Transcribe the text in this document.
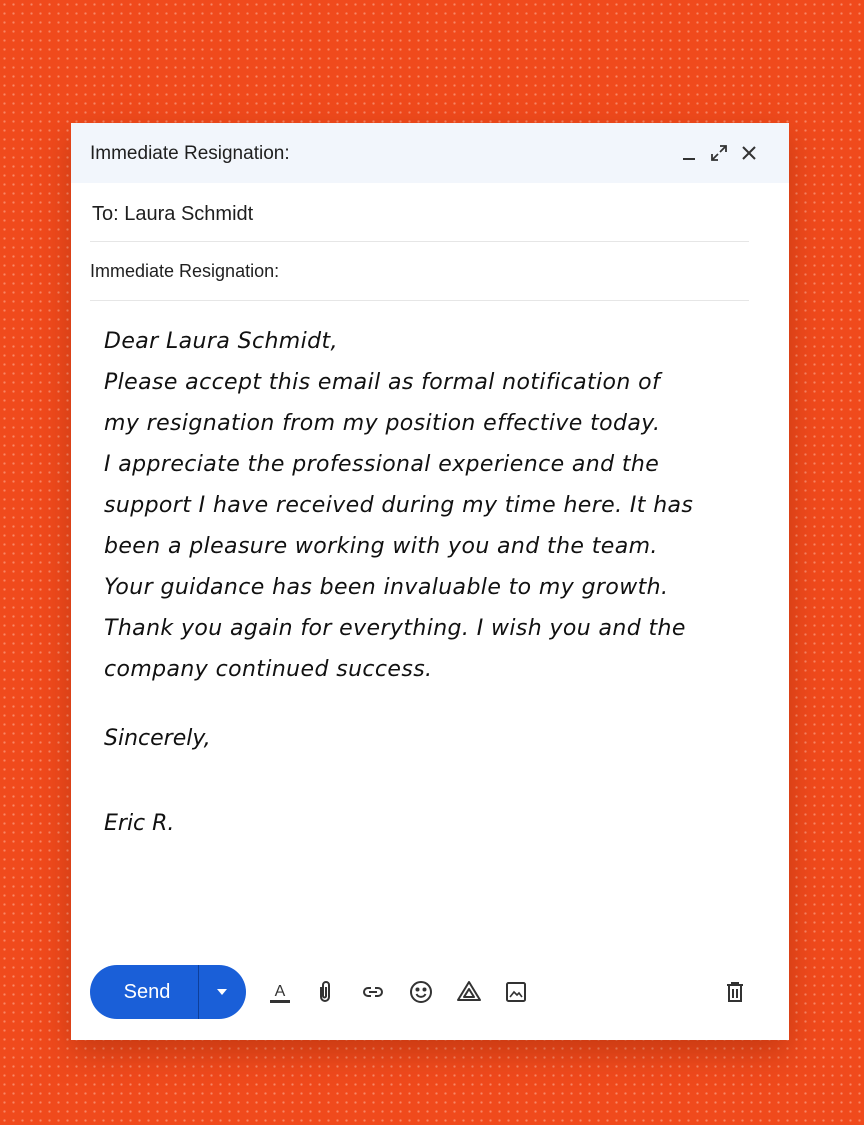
Immediate Resignation:
To: Laura Schmidt
Immediate Resignation:
Dear Laura Schmidt,
Please accept this email as formal notification of
my resignation from my position effective today.
I appreciate the professional experience and the
support I have received during my time here. It has
been a pleasure working with you and the team.
Your guidance has been invaluable to my growth.
Thank you again for everything. I wish you and the
company continued success.
Sincerely,
Eric R.
Send	A
